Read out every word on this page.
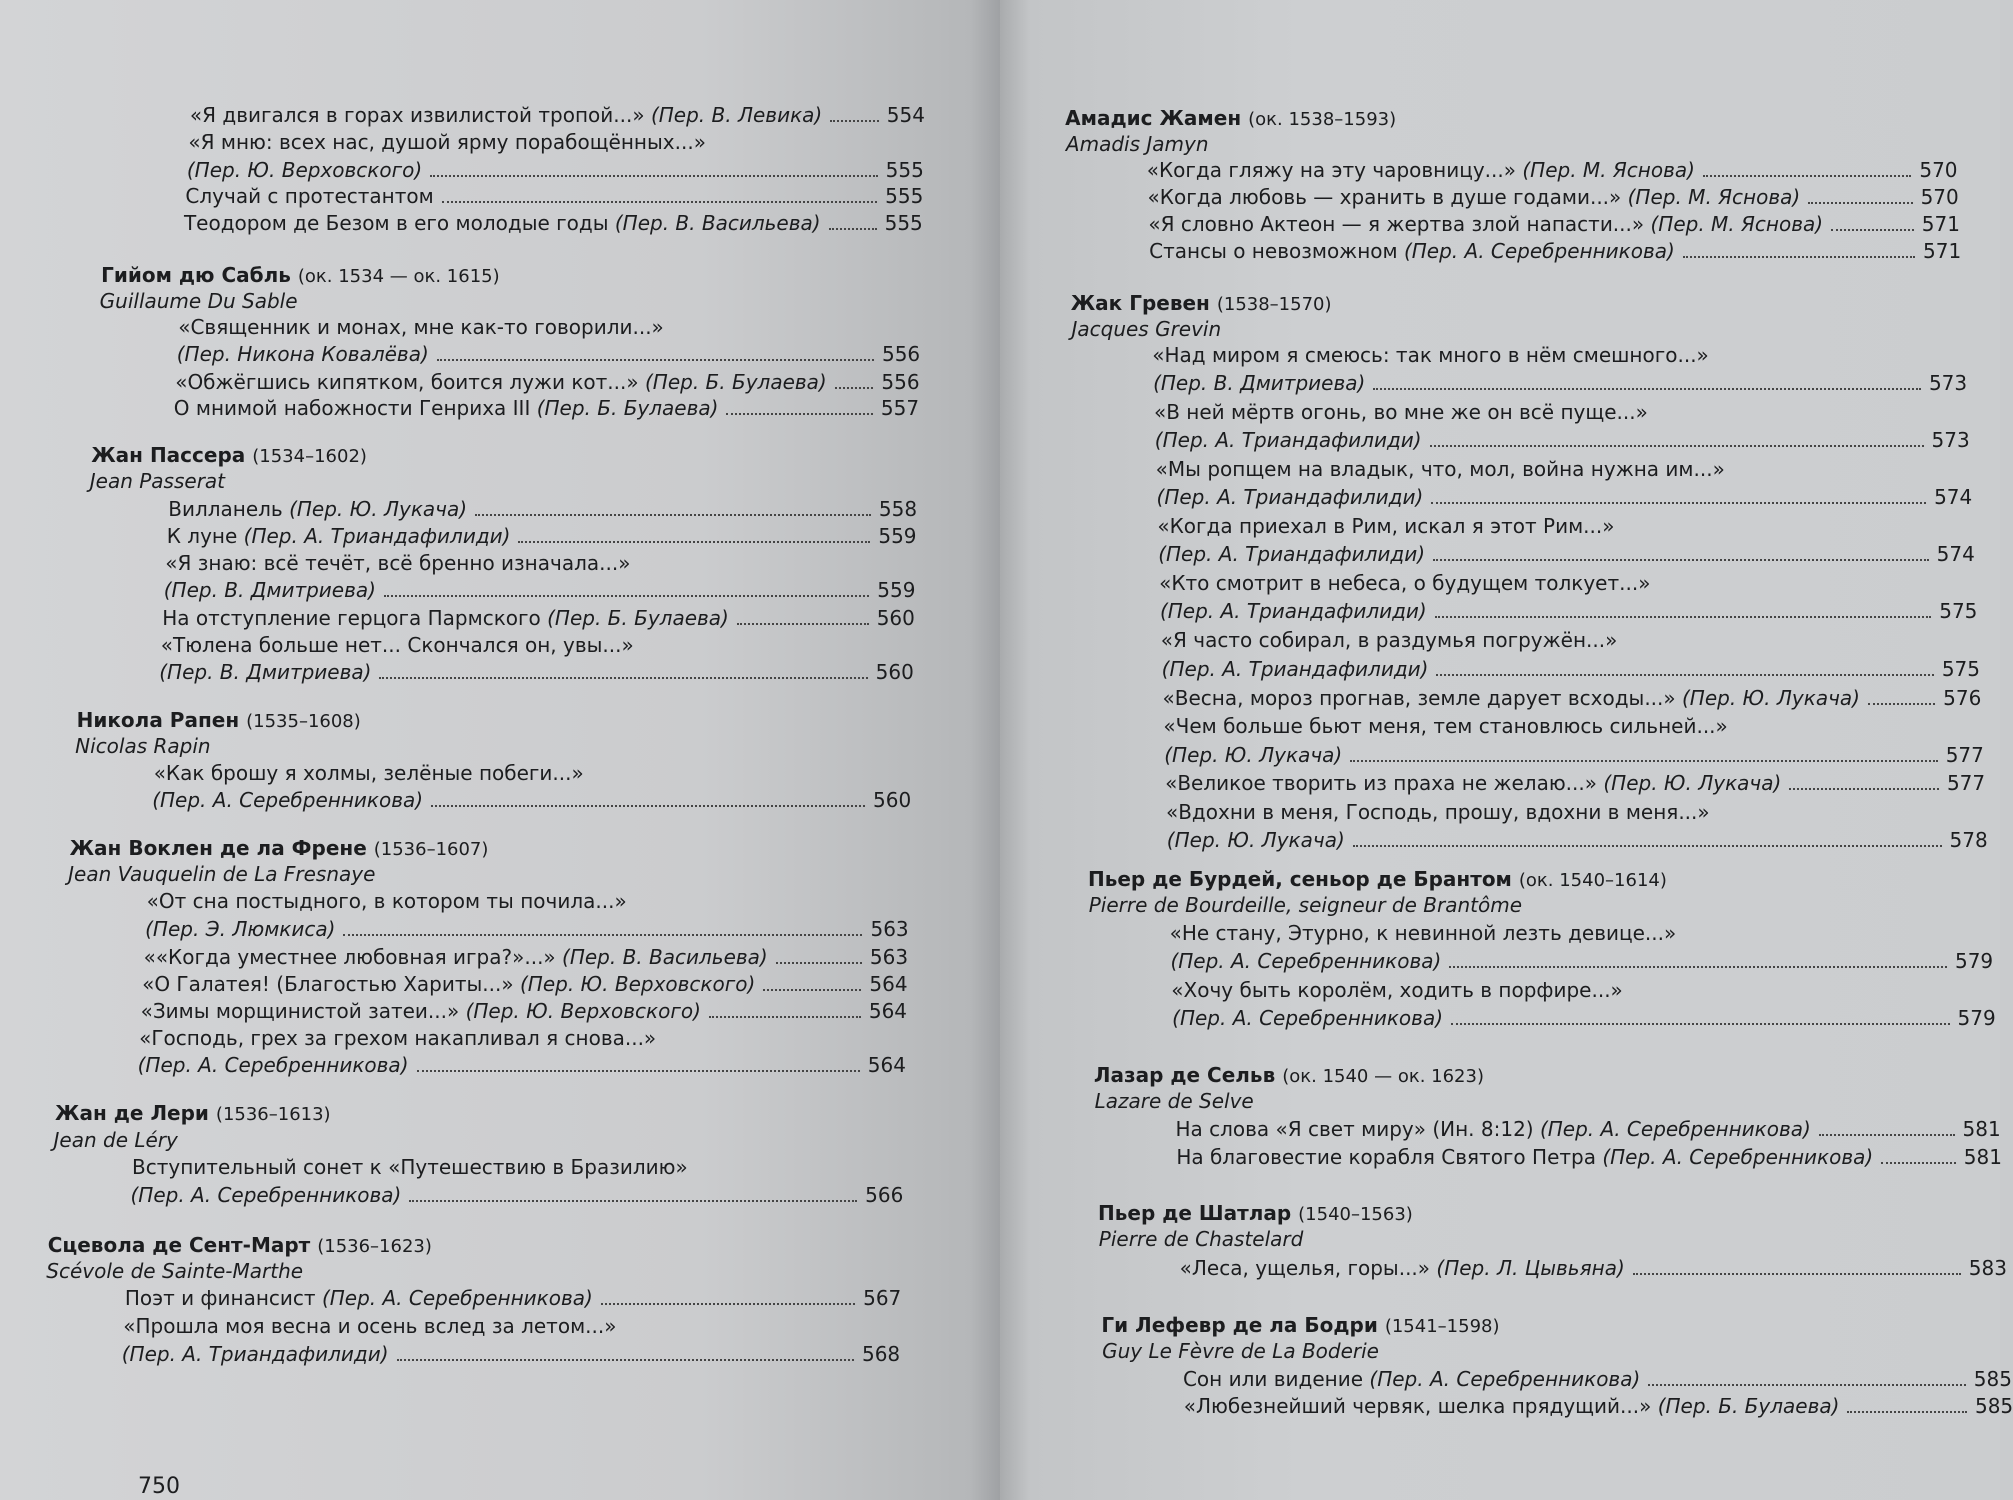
«Я двигался в горах извилистой тропой...» (Пер. В. Левика)	554
«Я мню: всех нас, душой ярму порабощённых...»
(Пер. Ю. Верховского)	555
Случай с протестантом	555
Теодором де Безом в его молодые годы (Пер. В. Васильева)	555
Гийом дю Сабль (ок. 1534 — ок. 1615)
Guillaume Du Sable
«Священник и монах, мне как-то говорили...»
(Пер. Никона Ковалёва)	556
«Обжёгшись кипятком, боится лужи кот...» (Пер. Б. Булаева)	556
О мнимой набожности Генриха III (Пер. Б. Булаева)	557
Жан Пассера (1534–1602)
Jean Passerat
Вилланель (Пер. Ю. Лукача)	558
К луне (Пер. А. Триандафилиди)	559
«Я знаю: всё течёт, всё бренно изначала...»
(Пер. В. Дмитриева)	559
На отступление герцога Пармского (Пер. Б. Булаева)	560
«Тюлена больше нет... Скончался он, увы...»
(Пер. В. Дмитриева)	560
Никола Рапен (1535–1608)
Nicolas Rapin
«Как брошу я холмы, зелёные побеги...»
(Пер. А. Серебренникова)	560
Жан Воклен де ла Френе (1536–1607)
Jean Vauquelin de La Fresnaye
«От сна постыдного, в котором ты почила...»
(Пер. Э. Люмкиса)	563
««Когда уместнее любовная игра?»...» (Пер. В. Васильева)	563
«О Галатея! (Благостью Хариты...» (Пер. Ю. Верховского)	564
«Зимы морщинистой затеи...» (Пер. Ю. Верховского)	564
«Господь, грех за грехом накапливал я снова...»
(Пер. А. Серебренникова)	564
Жан де Лери (1536–1613)
Jean de Léry
Вступительный сонет к «Путешествию в Бразилию»
(Пер. А. Серебренникова)	566
Сцевола де Сент-Март (1536–1623)
Scévole de Sainte-Marthe
Поэт и финансист (Пер. А. Серебренникова)	567
«Прошла моя весна и осень вслед за летом...»
(Пер. А. Триандафилиди)	568
750
Амадис Жамен (ок. 1538–1593)
Amadis Jamyn
«Когда гляжу на эту чаровницу...» (Пер. М. Яснова)	570
«Когда любовь — хранить в душе годами...» (Пер. М. Яснова)	570
«Я словно Актеон — я жертва злой напасти...» (Пер. М. Яснова)	571
Стансы о невозможном (Пер. А. Серебренникова)	571
Жак Гревен (1538–1570)
Jacques Grevin
«Над миром я смеюсь: так много в нём смешного...»
(Пер. В. Дмитриева)	573
«В ней мёртв огонь, во мне же он всё пуще...»
(Пер. А. Триандафилиди)	573
«Мы ропщем на владык, что, мол, война нужна им...»
(Пер. А. Триандафилиди)	574
«Когда приехал в Рим, искал я этот Рим...»
(Пер. А. Триандафилиди)	574
«Кто смотрит в небеса, о будущем толкует...»
(Пер. А. Триандафилиди)	575
«Я часто собирал, в раздумья погружён...»
(Пер. А. Триандафилиди)	575
«Весна, мороз прогнав, земле дарует всходы...» (Пер. Ю. Лукача)	576
«Чем больше бьют меня, тем становлюсь сильней...»
(Пер. Ю. Лукача)	577
«Великое творить из праха не желаю...» (Пер. Ю. Лукача)	577
«Вдохни в меня, Господь, прошу, вдохни в меня...»
(Пер. Ю. Лукача)	578
Пьер де Бурдей, сеньор де Брантом (ок. 1540–1614)
Pierre de Bourdeille, seigneur de Brantôme
«Не стану, Этурно, к невинной лезть девице...»
(Пер. А. Серебренникова)	579
«Хочу быть королём, ходить в порфире...»
(Пер. А. Серебренникова)	579
Лазар де Сельв (ок. 1540 — ок. 1623)
Lazare de Selve
На слова «Я свет миру» (Ин. 8:12) (Пер. А. Серебренникова)	581
На благовестие корабля Святого Петра (Пер. А. Серебренникова)	581
Пьер де Шатлар (1540–1563)
Pierre de Chastelard
«Леса, ущелья, горы...» (Пер. Л. Цывьяна)	583
Ги Лефевр де ла Бодри (1541–1598)
Guy Le Fèvre de La Boderie
Сон или видение (Пер. А. Серебренникова)	585
«Любезнейший червяк, шелка прядущий...» (Пер. Б. Булаева)	585
